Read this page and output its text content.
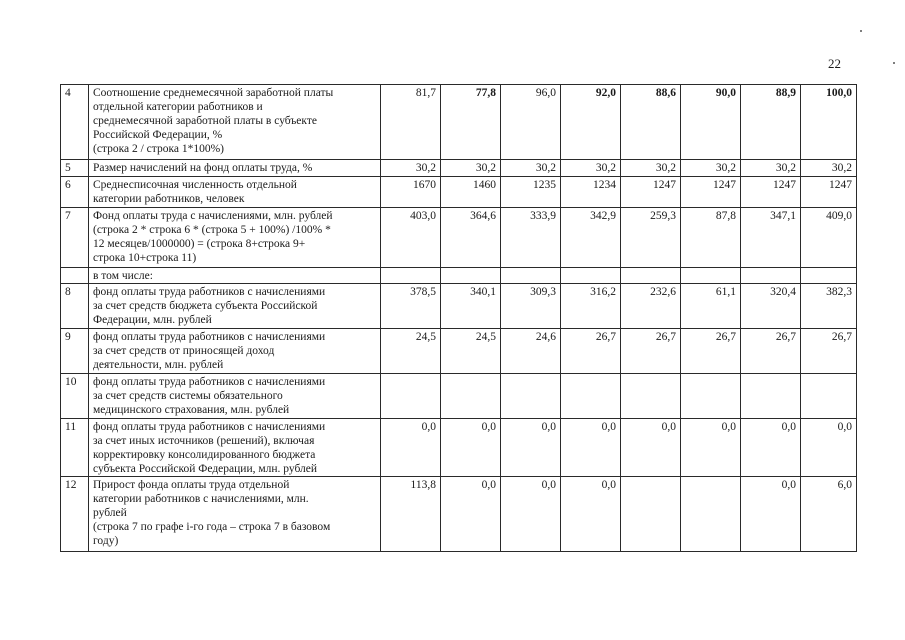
22
4	Соотношение среднемесячной заработной платы
отдельной категории работников и
среднемесячной заработной платы в субъекте
Российской Федерации, %
(строка 2 / строка 1*100%)	81,7	77,8	96,0	92,0	88,6	90,0	88,9	100,0
5	Размер начислений на фонд оплаты труда, %	30,2	30,2	30,2	30,2	30,2	30,2	30,2	30,2
6	Среднесписочная численность отдельной
категории работников, человек	1670	1460	1235	1234	1247	1247	1247	1247
7	Фонд оплаты труда с начислениями, млн. рублей
(строка 2 * строка 6 * (строка 5 + 100%) /100% *
12 месяцев/1000000) = (строка 8+строка 9+
строка 10+строка 11)	403,0	364,6	333,9	342,9	259,3	87,8	347,1	409,0

	в том числе:								

8	фонд оплаты труда работников с начислениями
за счет средств бюджета субъекта Российской
Федерации, млн. рублей	378,5	340,1	309,3	316,2	232,6	61,1	320,4	382,3
9	фонд оплаты труда работников с начислениями
за счет средств от приносящей доход
деятельности, млн. рублей	24,5	24,5	24,6	26,7	26,7	26,7	26,7	26,7
10	фонд оплаты труда работников с начислениями
за счет средств системы обязательного
медицинского страхования, млн. рублей								

11	фонд оплаты труда работников с начислениями
за счет иных источников (решений), включая
корректировку консолидированного бюджета
субъекта Российской Федерации, млн. рублей	0,0	0,0	0,0	0,0	0,0	0,0	0,0	0,0
12	Прирост фонда оплаты труда отдельной
категории работников с начислениями, млн.
рублей
(строка 7 по графе i-го года – строка 7 в базовом
году)	113,8	0,0	0,0	0,0			0,0	6,0
